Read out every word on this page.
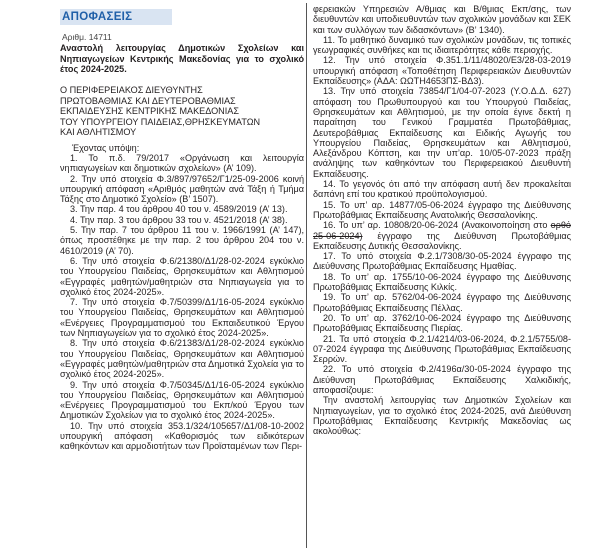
ΑΠΟΦΑΣΕΙΣ
Αριθμ. 14711
Αναστολή λειτουργίας Δημοτικών Σχολείων και Νηπιαγωγείων Κεντρικής Μακεδονίας για το σχολικό έτος 2024-2025.
Ο ΠΕΡΙΦΕΡΕΙΑΚΟΣ ΔΙΕΥΘΥΝΤΗΣ
ΠΡΩΤΟΒΑΘΜΙΑΣ ΚΑΙ ΔΕΥΤΕΡΟΒΑΘΜΙΑΣ
ΕΚΠΑΙΔΕΥΣΗΣ ΚΕΝΤΡΙΚΗΣ ΜΑΚΕΔΟΝΙΑΣ
ΤΟΥ ΥΠΟΥΡΓΕΙΟΥ ΠΑΙΔΕΙΑΣ,ΘΡΗΣΚΕΥΜΑΤΩΝ
ΚΑΙ ΑΘΛΗΤΙΣΜΟΥ
Έχοντας υπόψη:

1. Το π.δ. 79/2017 «Οργάνωση και λειτουργία νηπιαγωγείων και δημοτικών σχολείων» (Α’ 109).

2. Την υπό στοιχεία Φ.3/897/97652/Γ1/25-09-2006 κοινή υπουργική απόφαση «Αριθμός μαθητών ανά Τάξη ή Τμήμα Τάξης στο Δημοτικό Σχολείο» (Β’ 1507).

3. Την παρ. 4 του άρθρου 40 του ν. 4589/2019 (Α’ 13).

4. Την παρ. 3 του άρθρου 33 του ν. 4521/2018 (Α’ 38).

5. Την παρ. 7 του άρθρου 11 του ν. 1966/1991 (Α’ 147), όπως προστέθηκε με την παρ. 2 του άρθρου 204 του ν. 4610/2019 (Α’ 70).

6. Την υπό στοιχεία Φ.6/21380/Δ1/28-02-2024 εγκύκλιο του Υπουργείου Παιδείας, Θρησκευμάτων και Αθλητισμού «Εγγραφές μαθητών/μαθητριών στα Νηπιαγωγεία για το σχολικό έτος 2024-2025».

7. Την υπό στοιχεία Φ.7/50399/Δ1/16-05-2024 εγκύκλιο του Υπουργείου Παιδείας, Θρησκευμάτων και Αθλητισμού «Ενέργειες Προγραμματισμού του Εκπαιδευτικού Έργου των Νηπιαγωγείων για το σχολικό έτος 2024-2025».

8. Την υπό στοιχεία Φ.6/21383/Δ1/28-02-2024 εγκύκλιο του Υπουργείου Παιδείας, Θρησκευμάτων και Αθλητισμού «Εγγραφές μαθητών/μαθητριών στα Δημοτικά Σχολεία για το σχολικό έτος 2024-2025».

9. Την υπό στοιχεία Φ.7/50345/Δ1/16-05-2024 εγκύκλιο του Υπουργείου Παιδείας, Θρησκευμάτων και Αθλητισμού «Ενέργειες Προγραμματισμού του Εκπ/κού Έργου των Δημοτικών Σχολείων για το σχολικό έτος 2024-2025».

10. Την υπό στοιχεία 353.1/324/105657/Δ1/08-10-2002 υπουργική απόφαση «Καθορισμός των ειδικότερων καθηκόντων και αρμοδιοτήτων των Προϊσταμένων των Περι-

φερειακών Υπηρεσιών Α/θμιας και Β/θμιας Εκπ/σης, των διευθυντών και υποδιευθυντών των σχολικών μονάδων και ΣΕΚ και των συλλόγων των διδασκόντων» (Β’ 1340).

11. Το μαθητικό δυναμικό των σχολικών μονάδων, τις τοπικές γεωγραφικές συνθήκες και τις ιδιαιτερότητες κάθε περιοχής.

12. Την υπό στοιχεία Φ.351.1/11/48020/Ε3/28-03-2019 υπουργική απόφαση «Τοποθέτηση Περιφερειακών Διευθυντών Εκπαίδευσης» (ΑΔΑ: ΩΩΤΗ4653ΠΣ-ΒΔ3).

13. Την υπό στοιχεία 73854/Γ1/04-07-2023 (Υ.Ο.Δ.Δ. 627) απόφαση του Πρωθυπουργού και του Υπουργού Παιδείας, Θρησκευμάτων και Αθλητισμού, με την οποία έγινε δεκτή η παραίτηση του Γενικού Γραμματέα Πρωτοβάθμιας, Δευτεροβάθμιας Εκπαίδευσης και Ειδικής Αγωγής του Υπουργείου Παιδείας, Θρησκευμάτων και Αθλητισμού, Αλεξάνδρου Κόπτση, και την υπ’αρ. 10/05-07-2023 πράξη ανάληψης των καθηκόντων του Περιφερειακού Διευθυντή Εκπαίδευσης.

14. Το γεγονός ότι από την απόφαση αυτή δεν προκαλείται δαπάνη επί του κρατικού προϋπολογισμού.

15. Το υπ’ αρ. 14877/05-06-2024 έγγραφο της Διεύθυνσης Πρωτοβάθμιας Εκπαίδευσης Ανατολικής Θεσσαλονίκης.

16. Το υπ’ αρ. 10808/20-06-2024 (Ανακοινοποίηση στο ορθό 25-06-2024) έγγραφο της Διεύθυνση Πρωτοβάθμιας Εκπαίδευσης Δυτικής Θεσσαλονίκης.

17. Το υπό στοιχεία Φ.2.1/7308/30-05-2024 έγγραφο της Διεύθυνσης Πρωτοβάθμιας Εκπαίδευσης Ημαθίας.

18. Το υπ’ αρ. 1755/10-06-2024 έγγραφο της Διεύθυνσης Πρωτοβάθμιας Εκπαίδευσης Κιλκίς.

19. Το υπ’ αρ. 5762/04-06-2024 έγγραφο της Διεύθυνσης Πρωτοβάθμιας Εκπαίδευσης Πέλλας.

20. Το υπ’ αρ. 3762/10-06-2024 έγγραφο της Διεύθυνσης Πρωτοβάθμιας Εκπαίδευσης Πιερίας.

21. Τα υπό στοιχεία Φ.2.1/4214/03-06-2024, Φ.2.1/5755/08-07-2024 έγγραφα της Διεύθυνσης Πρωτοβάθμιας Εκπαίδευσης Σερρών.

22. Το υπό στοιχεία Φ.2/4196α/30-05-2024 έγγραφο της Διεύθυνση Πρωτοβάθμιας Εκπαίδευσης Χαλκιδικής, αποφασίζουμε:

Την αναστολή λειτουργίας των Δημοτικών Σχολείων και Νηπιαγωγείων, για το σχολικό έτος 2024-2025, ανά Διεύθυνση Πρωτοβάθμιας Εκπαίδευσης Κεντρικής Μακεδονίας ως ακολούθως:
